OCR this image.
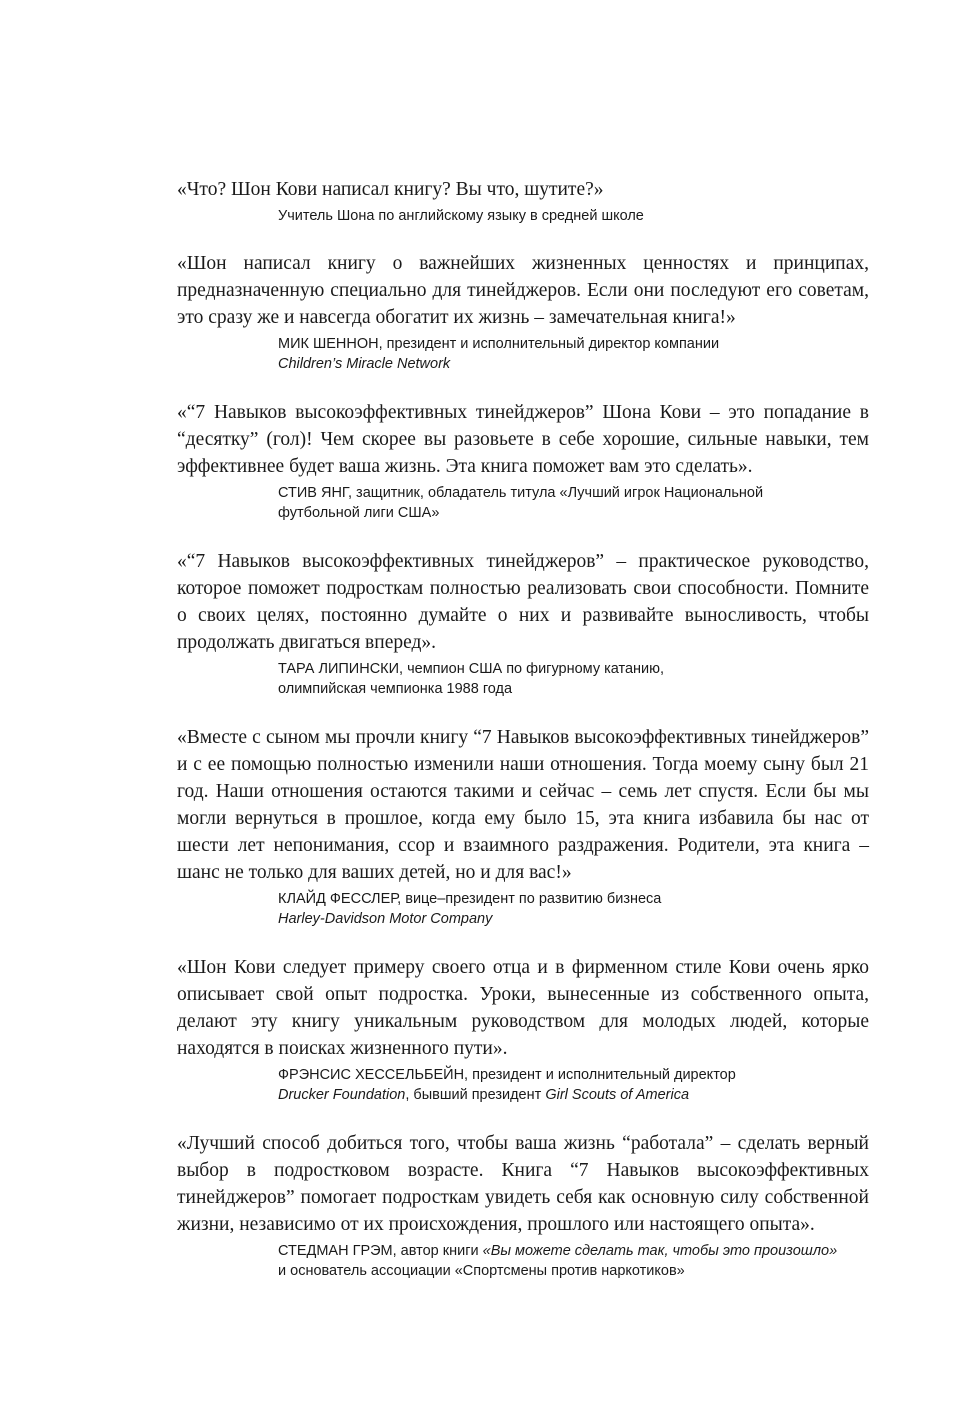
«Что? Шон Кови написал книгу? Вы что, шутите?»

Учитель Шона по английскому языку в средней школе

«Шон написал книгу о важнейших жизненных ценностях и принципах, предназначенную специально для тинейджеров. Если они последуют его советам, это сразу же и навсегда обогатит их жизнь – замечательная книга!»

МИК ШЕННОН, президент и исполнительный директор компании
Children’s Miracle Network

«“7 Навыков высокоэффективных тинейджеров” Шона Кови – это попадание в “десятку” (гол)! Чем скорее вы разовьете в себе хорошие, сильные навыки, тем эффективнее будет ваша жизнь. Эта книга поможет вам это сделать».

СТИВ ЯНГ, защитник, обладатель титула «Лучший игрок Национальной
футбольной лиги США»

«“7 Навыков высокоэффективных тинейджеров” – практическое руководство, которое поможет подросткам полностью реализовать свои способности. Помните о своих целях, постоянно думайте о них и развивайте выносливость, чтобы продолжать двигаться вперед».

ТАРА ЛИПИНСКИ, чемпион США по фигурному катанию,
олимпийская чемпионка 1988 года

«Вместе с сыном мы прочли книгу “7 Навыков высокоэффективных тинейджеров” и с ее помощью полностью изменили наши отношения. Тогда моему сыну был 21 год. Наши отношения остаются такими и сейчас – семь лет спустя. Если бы мы могли вернуться в прошлое, когда ему было 15, эта книга избавила бы нас от шести лет непонимания, ссор и взаимного раздражения. Родители, эта книга – шанс не только для ваших детей, но и для вас!»

КЛАЙД ФЕССЛЕР, вице–президент по развитию бизнеса
Harley-Davidson Motor Company

«Шон Кови следует примеру своего отца и в фирменном стиле Кови очень ярко описывает свой опыт подростка. Уроки, вынесенные из собственного опыта, делают эту книгу уникальным руководством для молодых людей, которые находятся в поисках жизненного пути».

ФРЭНСИС ХЕССЕЛЬБЕЙН, президент и исполнительный директор
Drucker Foundation, бывший президент Girl Scouts of America

«Лучший способ добиться того, чтобы ваша жизнь “работала” – сделать верный выбор в подростковом возрасте. Книга “7 Навыков высокоэффективных тинейджеров” помогает подросткам увидеть себя как основную силу собственной жизни, независимо от их происхождения, прошлого или настоящего опыта».

СТЕДМАН ГРЭМ, автор книги «Вы можете сделать так, чтобы это произошло»
и основатель ассоциации «Спортсмены против наркотиков»
